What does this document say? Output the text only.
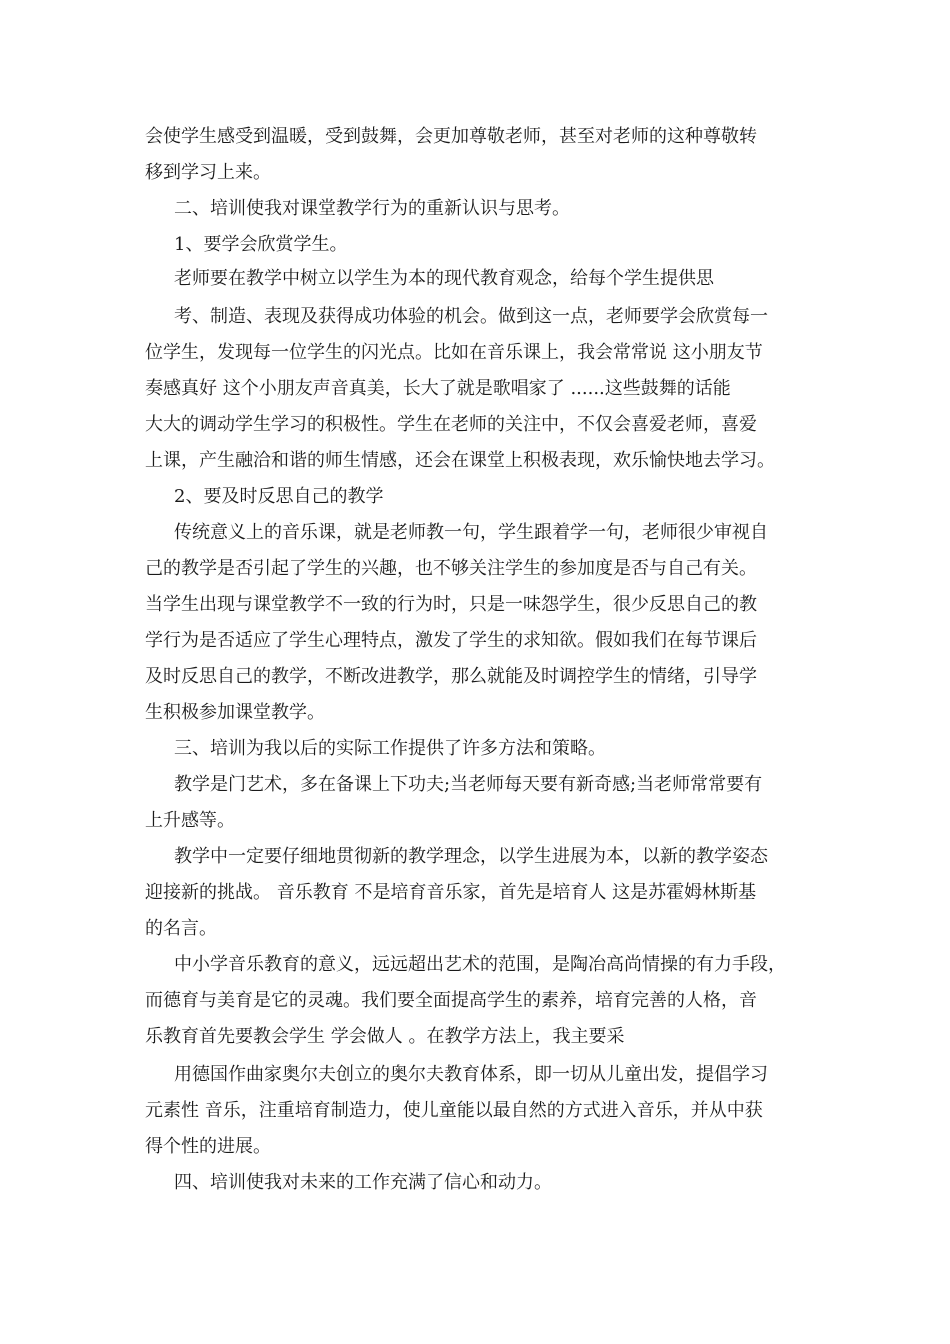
会使学生感受到温暖，受到鼓舞，会更加尊敬老师，甚至对老师的这种尊敬转

移到学习上来。

二、培训使我对课堂教学行为的重新认识与思考。

1、要学会欣赏学生。

老师要在教学中树立以学生为本的现代教育观念，给每个学生提供思

考、制造、表现及获得成功体验的机会。做到这一点，老师要学会欣赏每一

位学生，发现每一位学生的闪光点。比如在音乐课上，我会常常说 这小朋友节

奏感真好 这个小朋友声音真美，长大了就是歌唱家了 ......这些鼓舞的话能

大大的调动学生学习的积极性。学生在老师的关注中，不仅会喜爱老师，喜爱

上课，产生融洽和谐的师生情感，还会在课堂上积极表现，欢乐愉快地去学习。

2、要及时反思自己的教学

传统意义上的音乐课，就是老师教一句，学生跟着学一句，老师很少审视自

己的教学是否引起了学生的兴趣，也不够关注学生的参加度是否与自己有关。

当学生出现与课堂教学不一致的行为时，只是一味怨学生，很少反思自己的教

学行为是否适应了学生心理特点，激发了学生的求知欲。假如我们在每节课后

及时反思自己的教学，不断改进教学，那么就能及时调控学生的情绪，引导学

生积极参加课堂教学。

三、培训为我以后的实际工作提供了许多方法和策略。

教学是门艺术，多在备课上下功夫;当老师每天要有新奇感;当老师常常要有

上升感等。

教学中一定要仔细地贯彻新的教学理念，以学生进展为本，以新的教学姿态

迎接新的挑战。 音乐教育 不是培育音乐家，首先是培育人 这是苏霍姆林斯基

的名言。

中小学音乐教育的意义，远远超出艺术的范围，是陶冶高尚情操的有力手段，

而德育与美育是它的灵魂。我们要全面提高学生的素养，培育完善的人格，音

乐教育首先要教会学生 学会做人 。在教学方法上，我主要采

用德国作曲家奥尔夫创立的奥尔夫教育体系，即一切从儿童出发，提倡学习

元素性 音乐，注重培育制造力，使儿童能以最自然的方式进入音乐，并从中获

得个性的进展。

四、培训使我对未来的工作充满了信心和动力。
